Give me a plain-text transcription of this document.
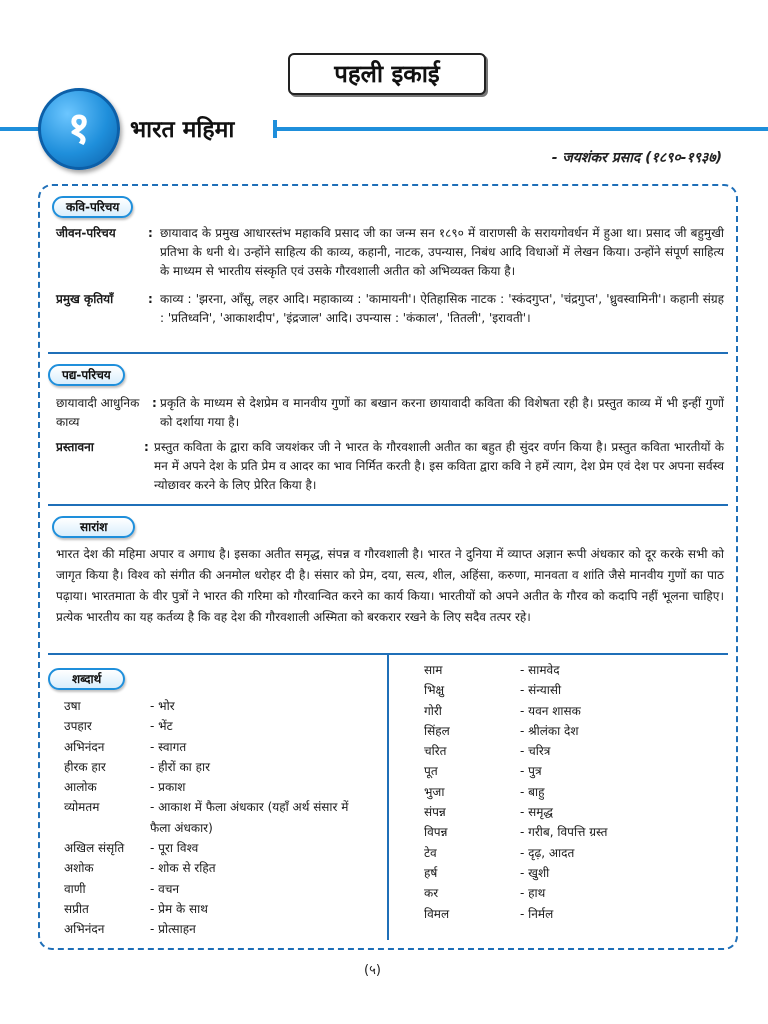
पहली इकाई
१	भारत महिमा
- जयशंकर प्रसाद (१८९०-१९३७)
कवि-परिचय
जीवन-परिचय	: छायावाद के प्रमुख आधारस्तंभ महाकवि प्रसाद जी का जन्म सन १८९० में वाराणसी के सरायगोवर्धन में हुआ था। प्रसाद जी बहुमुखी प्रतिभा के धनी थे। उन्होंने साहित्य की काव्य, कहानी, नाटक, उपन्यास, निबंध आदि विधाओं में लेखन किया। उन्होंने संपूर्ण साहित्य के माध्यम से भारतीय संस्कृति एवं उसके गौरवशाली अतीत को अभिव्यक्त किया है।
प्रमुख कृतियाँ	: काव्य : 'झरना, आँसू, लहर आदि। महाकाव्य : 'कामायनी'। ऐतिहासिक नाटक : 'स्कंदगुप्त', 'चंद्रगुप्त', 'ध्रुवस्वामिनी'। कहानी संग्रह : 'प्रतिध्वनि', 'आकाशदीप', 'इंद्रजाल' आदि। उपन्यास : 'कंकाल', 'तितली', 'इरावती'।
पद्य-परिचय
छायावादी आधुनिक काव्य
: प्रकृति के माध्यम से देशप्रेम व मानवीय गुणों का बखान करना छायावादी कविता की विशेषता रही है। प्रस्तुत काव्य में भी इन्हीं गुणों को दर्शाया गया है।
प्रस्तावना	: प्रस्तुत कविता के द्वारा कवि जयशंकर जी ने भारत के गौरवशाली अतीत का बहुत ही सुंदर वर्णन किया है। प्रस्तुत कविता भारतीयों के मन में अपने देश के प्रति प्रेम व आदर का भाव निर्मित करती है। इस कविता द्वारा कवि ने हमें त्याग, देश प्रेम एवं देश पर अपना सर्वस्व न्योछावर करने के लिए प्रेरित किया है।
सारांश
भारत देश की महिमा अपार व अगाध है। इसका अतीत समृद्ध, संपन्न व गौरवशाली है। भारत ने दुनिया में व्याप्त अज्ञान रूपी अंधकार को दूर करके सभी को जागृत किया है। विश्व को संगीत की अनमोल धरोहर दी है। संसार को प्रेम, दया, सत्य, शील, अहिंसा, करुणा, मानवता व शांति जैसे मानवीय गुणों का पाठ पढ़ाया। भारतमाता के वीर पुत्रों ने भारत की गरिमा को गौरवान्वित करने का कार्य किया। भारतीयों को अपने अतीत के गौरव को कदापि नहीं भूलना चाहिए। प्रत्येक भारतीय का यह कर्तव्य है कि वह देश की गौरवशाली अस्मिता को बरकरार रखने के लिए सदैव तत्पर रहे।
शब्दार्थ
उषा	- भोर
उपहार	- भेंट
अभिनंदन	- स्वागत
हीरक हार	- हीरों का हार
आलोक	- प्रकाश
व्योमतम	- आकाश में फैला अंधकार (यहाँ अर्थ संसार में फैला अंधकार)
अखिल संसृति - पूरा विश्व
अशोक	- शोक से रहित
वाणी	- वचन
सप्रीत	- प्रेम के साथ
अभिनंदन	- प्रोत्साहन
साम	- सामवेद
भिक्षु	- संन्यासी
गोरी	- यवन शासक
सिंहल	- श्रीलंका देश
चरित	- चरित्र
पूत	- पुत्र
भुजा	- बाहु
संपन्न	- समृद्ध
विपन्न	- गरीब, विपत्ति ग्रस्त
टेव	- दृढ़, आदत
हर्ष	- खुशी
कर	- हाथ
विमल	- निर्मल
(५)
